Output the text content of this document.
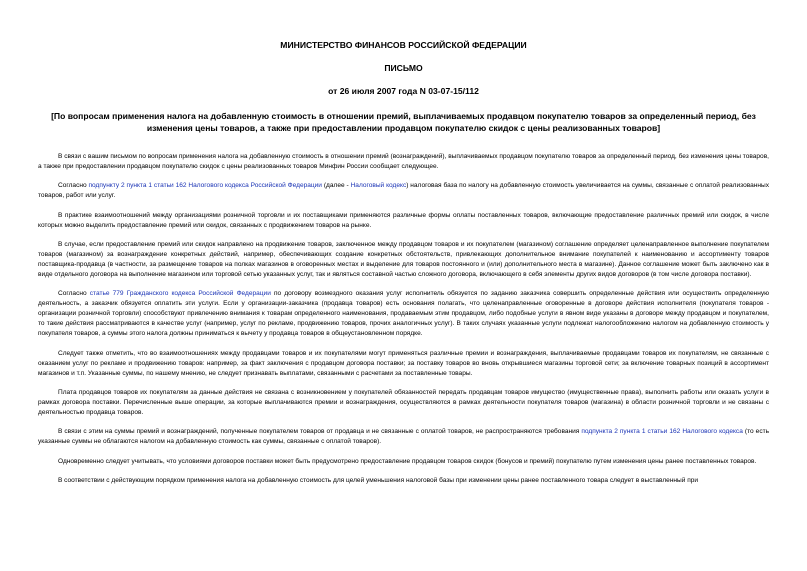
МИНИСТЕРСТВО ФИНАНСОВ РОССИЙСКОЙ ФЕДЕРАЦИИ

ПИСЬМО

от 26 июля 2007 года N 03-07-15/112

[По вопросам применения налога на добавленную стоимость в отношении премий, выплачиваемых продавцом покупателю товаров за определенный период, без изменения цены товаров, а также при предоставлении продавцом покупателю скидок с цены реализованных товаров]

В связи с вашим письмом по вопросам применения налога на добавленную стоимость в отношении премий (вознаграждений), выплачиваемых продавцом покупателю товаров за определенный период, без изменения цены товаров, а также при предоставлении продавцом покупателю скидок с цены реализованных товаров Минфин России сообщает следующее.

Согласно подпункту 2 пункта 1 статьи 162 Налогового кодекса Российской Федерации (далее - Налоговый кодекс) налоговая база по налогу на добавленную стоимость увеличивается на суммы, связанные с оплатой реализованных товаров, работ или услуг.

В практике взаимоотношений между организациями розничной торговли и их поставщиками применяются различные формы оплаты поставленных товаров, включающие предоставление различных премий или скидок, в числе которых можно выделить предоставление премий или скидок, связанных с продвижением товаров на рынке.

В случае, если предоставление премий или скидок направлено на продвижение товаров, заключенное между продавцом товаров и их покупателем (магазином) соглашение определяет целенаправленное выполнение покупателем товаров (магазином) за вознаграждение конкретных действий, например, обеспечивающих создание конкретных обстоятельств, привлекающих дополнительное внимание покупателей к наименованию и ассортименту товаров поставщика-продавца (в частности, за размещение товаров на полках магазинов в оговоренных местах и выделение для товаров постоянного и (или) дополнительного места в магазине). Данное соглашение может быть заключено как в виде отдельного договора на выполнение магазином или торговой сетью указанных услуг, так и являться составной частью сложного договора, включающего в себя элементы других видов договоров (в том числе договора поставки).

Согласно статье 779 Гражданского кодекса Российской Федерации по договору возмездного оказания услуг исполнитель обязуется по заданию заказчика совершить определенные действия или осуществить определенную деятельность, а заказчик обязуется оплатить эти услуги. Если у организации-заказчика (продавца товаров) есть основания полагать, что целенаправленные оговоренные в договоре действия исполнителя (покупателя товаров - организации розничной торговли) способствуют привлечению внимания к товарам определенного наименования, продаваемым этим продавцом, либо подобные услуги в явном виде указаны в договоре между продавцом и покупателем, то такие действия рассматриваются в качестве услуг (например, услуг по рекламе, продвижению товаров, прочих аналогичных услуг). В таких случаях указанные услуги подлежат налогообложению налогом на добавленную стоимость у покупателя товаров, а суммы этого налога должны приниматься к вычету у продавца товаров в общеустановленном порядке.

Следует также отметить, что во взаимоотношениях между продавцами товаров и их покупателями могут применяться различные премии и вознаграждения, выплачиваемые продавцами товаров их покупателям, не связанные с оказанием услуг по рекламе и продвижению товаров: например, за факт заключения с продавцом договора поставки; за поставку товаров во вновь открывшиеся магазины торговой сети; за включение товарных позиций в ассортимент магазинов и т.п. Указанные суммы, по нашему мнению, не следует признавать выплатами, связанными с расчетами за поставленные товары.

Плата продавцов товаров их покупателям за данные действия не связана с возникновением у покупателей обязанностей передать продавцам товаров имущество (имущественные права), выполнить работы или оказать услуги в рамках договора поставки. Перечисленные выше операции, за которые выплачиваются премии и вознаграждения, осуществляются в рамках деятельности покупателя товаров (магазина) в области розничной торговли и не связаны с деятельностью продавца товаров.

В связи с этим на суммы премий и вознаграждений, полученные покупателем товаров от продавца и не связанные с оплатой товаров, не распространяются требования подпункта 2 пункта 1 статьи 162 Налогового кодекса (то есть указанные суммы не облагаются налогом на добавленную стоимость как суммы, связанные с оплатой товаров).

Одновременно следует учитывать, что условиями договоров поставки может быть предусмотрено предоставление продавцом товаров скидок (бонусов и премий) покупателю путем изменения цены ранее поставленных товаров.

В соответствии с действующим порядком применения налога на добавленную стоимость для целей уменьшения налоговой базы при изменении цены ранее поставленного товара следует в выставленный при
